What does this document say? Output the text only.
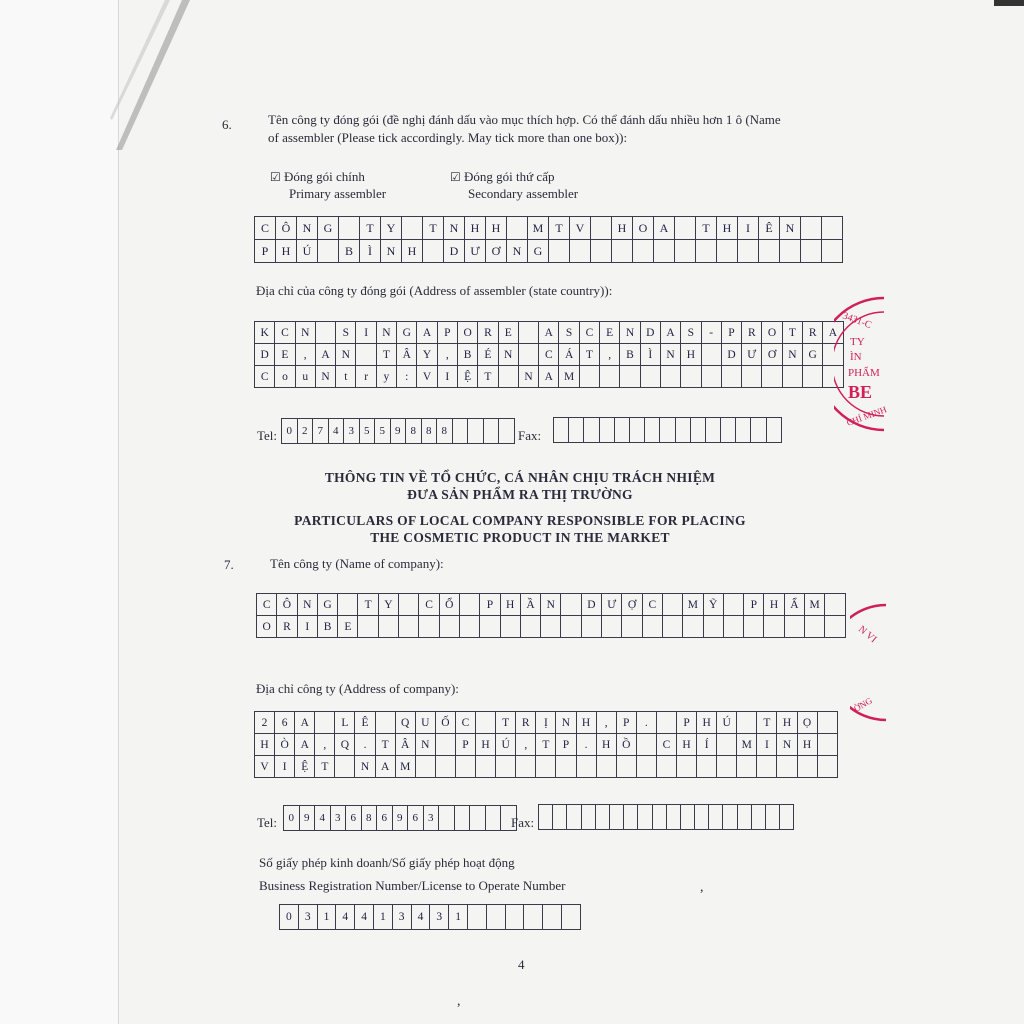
6.	Tên công ty đóng gói (đề nghị đánh dấu vào mục thích hợp. Có thể đánh dấu nhiều hơn 1 ô (Name
of assembler (Please tick accordingly. May tick more than one box)):
☑ Đóng gói chính
Primary assembler
☑ Đóng gói thứ cấp
Secondary assembler
C	Ô	N	G		T	Y		T	N	H	H		M	T	V		H	O	A		T	H	I	Ê	N		
P	H	Ú		B	Ì	N	H		D	Ư	Ơ	N	G														
Địa chỉ của công ty đóng gói (Address of assembler (state country)):
K	C	N		S	I	N	G	A	P	O	R	E		A	S	C	E	N	D	A	S	-	P	R	O	T	R	A
D	E	,	A	N		T	Â	Y	,	B	É	N		C	Á	T	,	B	Ì	N	H		D	Ư	Ơ	N	G	
C	o	u	N	t	r	y	:	V	I	Ệ	T		N	A	M													
Tel: 0	2	7	4	3	5	5	9	8	8	8					Fax:

THÔNG TIN VỀ TỔ CHỨC, CÁ NHÂN CHỊU TRÁCH NHIỆM
ĐƯA SẢN PHẨM RA THỊ TRƯỜNG
PARTICULARS OF LOCAL COMPANY RESPONSIBLE FOR PLACING
THE COSMETIC PRODUCT IN THE MARKET
7.	Tên công ty (Name of company):
C	Ô	N	G		T	Y		C	Ổ		P	H	Ầ	N		D	Ư	Ợ	C		M	Ỹ		P	H	Ẩ	M	
O	R	I	B	E																								
Địa chỉ công ty (Address of company):
2	6	A		L	Ê		Q	U	Ố	C		T	R	Ị	N	H	,	P	.		P	H	Ú		T	H	Ọ	
H	Ò	A	,	Q	.	T	Â	N		P	H	Ú	,	T	P	.	H	Ồ		C	H	Í		M	I	N	H	
V	I	Ệ	T		N	A	M																					
Tel: 0	9	4	3	6	8	6	9	6	3						Fax:

Số giấy phép kinh doanh/Số giấy phép hoạt động
Business Registration Number/License to Operate Number
0	3	1	4	4	1	3	4	3	1						
4
,
,
3431-C
TY
ÌN
PHẨM
BE
CHÍ MINH
N VI
ỜNG
